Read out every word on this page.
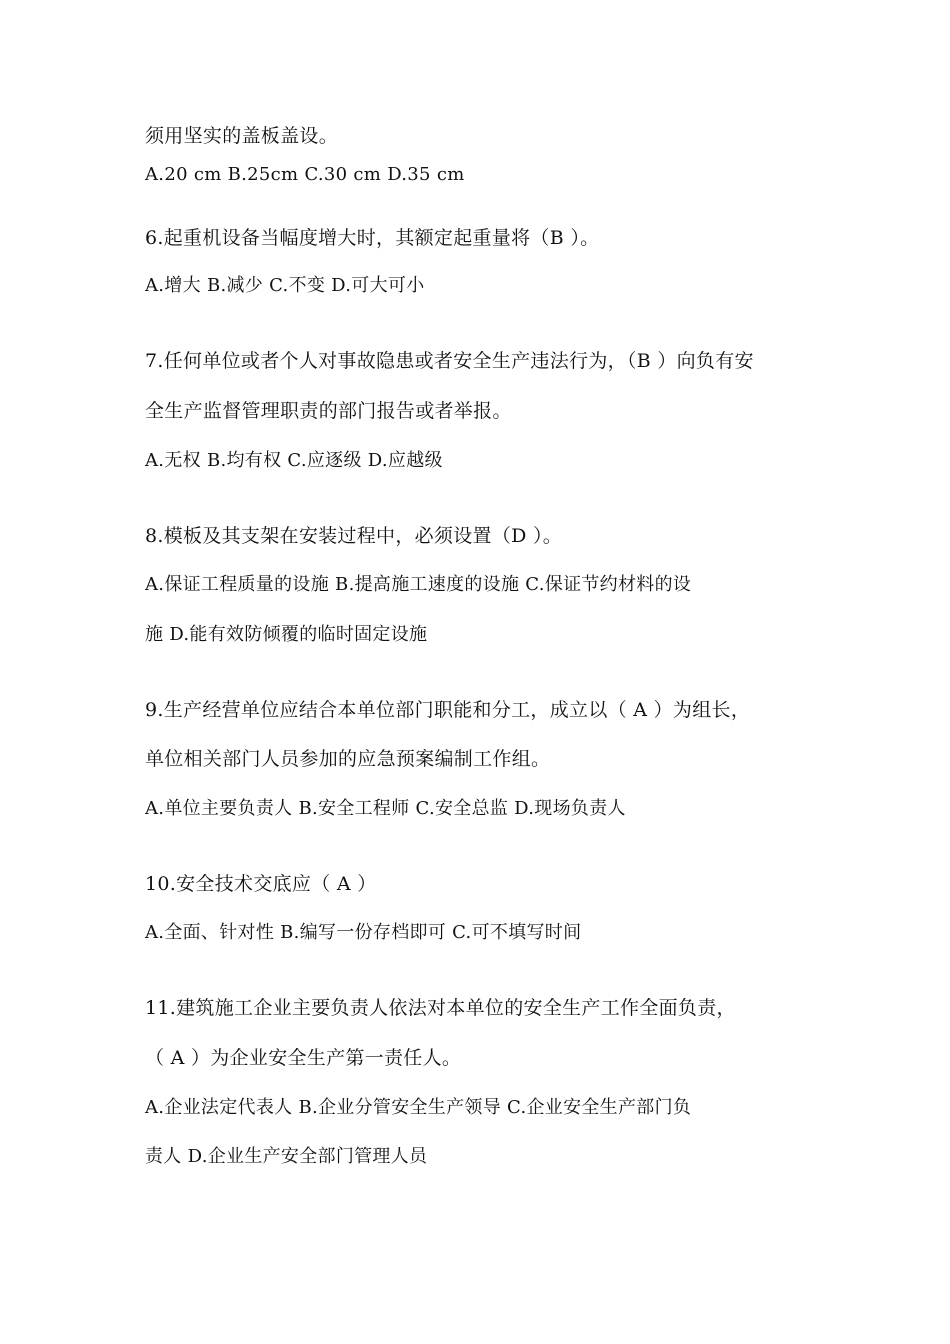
须用坚实的盖板盖设。
A.20 cm B.25cm C.30 cm D.35 cm
6.起重机设备当幅度增大时，其额定起重量将（B ）。
A.增大 B.减少 C.不变 D.可大可小
7.任何单位或者个人对事故隐患或者安全生产违法行为，（B ）向负有安
全生产监督管理职责的部门报告或者举报。
A.无权 B.均有权 C.应逐级 D.应越级
8.模板及其支架在安装过程中，必须设置（D ）。
A.保证工程质量的设施 B.提高施工速度的设施 C.保证节约材料的设
施 D.能有效防倾覆的临时固定设施
9.生产经营单位应结合本单位部门职能和分工，成立以（ A ）为组长，
单位相关部门人员参加的应急预案编制工作组。
A.单位主要负责人 B.安全工程师 C.安全总监 D.现场负责人
10.安全技术交底应（ A ）
A.全面、针对性 B.编写一份存档即可 C.可不填写时间
11.建筑施工企业主要负责人依法对本单位的安全生产工作全面负责，
（ A ）为企业安全生产第一责任人。
A.企业法定代表人 B.企业分管安全生产领导 C.企业安全生产部门负
责人 D.企业生产安全部门管理人员
